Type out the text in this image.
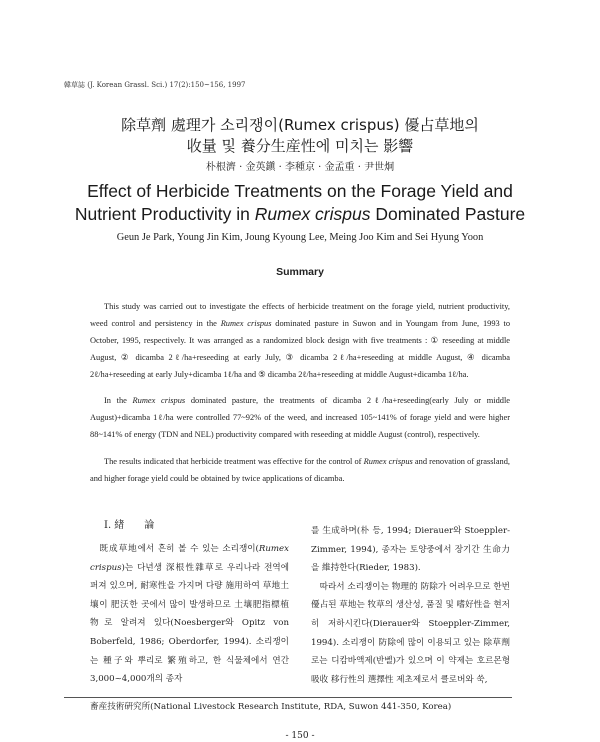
韓草誌 (J. Korean Grassl. Sci.) 17(2):150~156, 1997
除草劑 處理가 소리쟁이(Rumex crispus) 優占草地의
收量 및 養分生産性에 미치는 影響
朴根濟 · 金英鎭 · 李種京 · 金孟重 · 尹世炯
Effect of Herbicide Treatments on the Forage Yield and
Nutrient Productivity in Rumex crispus Dominated Pasture
Geun Je Park, Young Jin Kim, Joung Kyoung Lee, Meing Joo Kim and Sei Hyung Yoon
Summary

This study was carried out to investigate the effects of herbicide treatment on the forage yield, nutrient productivity, weed control and persistency in the Rumex crispus dominated pasture in Suwon and in Youngam from June, 1993 to October, 1995, respectively. It was arranged as a randomized block design with five treatments : ① reseeding at middle August, ② dicamba 2ℓ/ha+reseeding at early July, ③ dicamba 2ℓ/ha+reseeding at middle August, ④ dicamba 2ℓ/ha+reseeding at early July+dicamba 1ℓ/ha and ⑤ dicamba 2ℓ/ha+reseeding at middle August+dicamba 1ℓ/ha.

In the Rumex crispus dominated pasture, the treatments of dicamba 2ℓ/ha+reseeding(early July or middle August)+dicamba 1ℓ/ha were controlled 77~92% of the weed, and increased 105~141% of forage yield and were higher 88~141% of energy (TDN and NEL) productivity compared with reseeding at middle August (control), respectively.

The results indicated that herbicide treatment was effective for the control of Rumex crispus and renovation of grassland, and higher forage yield could be obtained by twice applications of dicamba.

I. 緖　　論

　既成草地에서 흔히 볼 수 있는 소리쟁이(Rumex crispus)는 다년생 深根性雜草로 우리나라 전역에 퍼져 있으며, 耐寒性을 가지며 다량 施用하여 草地土壤이 肥沃한 곳에서 많이 발생하므로 土壤肥指標植物로 알려져 있다(Noesberger와 Opitz von Boberfeld, 1986; Oberdorfer, 1994). 소리쟁이는 種子와 뿌리로 繁殖하고, 한 식물체에서 연간 3,000~4,000개의 종자

를 生成하며(朴 등, 1994; Dierauer와 Stoeppler-Zimmer, 1994), 종자는 토양중에서 장기간 生命力을 維持한다(Rieder, 1983).

　따라서 소리쟁이는 物理的 防除가 어려우므로 한번 優占된 草地는 牧草의 생산성, 품질 및 嗜好性을 현저히 저하시킨다(Dierauer와 Stoeppler-Zimmer, 1994). 소리쟁이 防除에 많이 이용되고 있는 除草劑로는 디캄바액제(반벨)가 있으며 이 약제는 호르몬형 吸收 移行性의 選擇性 제초제로서 클로버와 쑥,

畜産技術硏究所(National Livestock Research Institute, RDA, Suwon 441-350, Korea)
- 150 -
